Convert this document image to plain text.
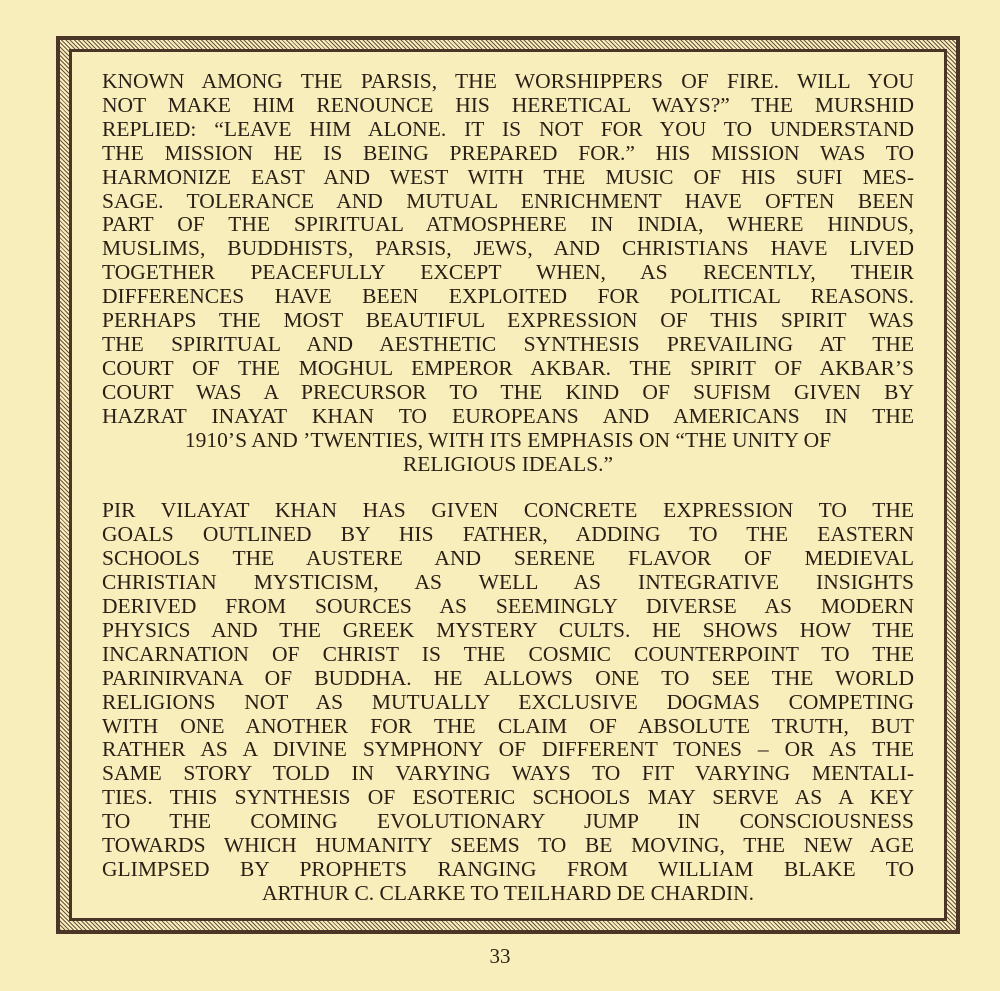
KNOWN AMONG THE PARSIS, THE WORSHIPPERS OF FIRE. WILL YOU
NOT MAKE HIM RENOUNCE HIS HERETICAL WAYS?” THE MURSHID
REPLIED: “LEAVE HIM ALONE. IT IS NOT FOR YOU TO UNDERSTAND
THE MISSION HE IS BEING PREPARED FOR.” HIS MISSION WAS TO
HARMONIZE EAST AND WEST WITH THE MUSIC OF HIS SUFI MES-
SAGE. TOLERANCE AND MUTUAL ENRICHMENT HAVE OFTEN BEEN
PART OF THE SPIRITUAL ATMOSPHERE IN INDIA, WHERE HINDUS,
MUSLIMS, BUDDHISTS, PARSIS, JEWS, AND CHRISTIANS HAVE LIVED
TOGETHER PEACEFULLY EXCEPT WHEN, AS RECENTLY, THEIR
DIFFERENCES HAVE BEEN EXPLOITED FOR POLITICAL REASONS.
PERHAPS THE MOST BEAUTIFUL EXPRESSION OF THIS SPIRIT WAS
THE SPIRITUAL AND AESTHETIC SYNTHESIS PREVAILING AT THE
COURT OF THE MOGHUL EMPEROR AKBAR. THE SPIRIT OF AKBAR’S
COURT WAS A PRECURSOR TO THE KIND OF SUFISM GIVEN BY
HAZRAT INAYAT KHAN TO EUROPEANS AND AMERICANS IN THE
1910’S AND ’TWENTIES, WITH ITS EMPHASIS ON “THE UNITY OF
RELIGIOUS IDEALS.”
PIR VILAYAT KHAN HAS GIVEN CONCRETE EXPRESSION TO THE
GOALS OUTLINED BY HIS FATHER, ADDING TO THE EASTERN
SCHOOLS THE AUSTERE AND SERENE FLAVOR OF MEDIEVAL
CHRISTIAN MYSTICISM, AS WELL AS INTEGRATIVE INSIGHTS
DERIVED FROM SOURCES AS SEEMINGLY DIVERSE AS MODERN
PHYSICS AND THE GREEK MYSTERY CULTS. HE SHOWS HOW THE
INCARNATION OF CHRIST IS THE COSMIC COUNTERPOINT TO THE
PARINIRVANA OF BUDDHA. HE ALLOWS ONE TO SEE THE WORLD
RELIGIONS NOT AS MUTUALLY EXCLUSIVE DOGMAS COMPETING
WITH ONE ANOTHER FOR THE CLAIM OF ABSOLUTE TRUTH, BUT
RATHER AS A DIVINE SYMPHONY OF DIFFERENT TONES – OR AS THE
SAME STORY TOLD IN VARYING WAYS TO FIT VARYING MENTALI-
TIES. THIS SYNTHESIS OF ESOTERIC SCHOOLS MAY SERVE AS A KEY
TO THE COMING EVOLUTIONARY JUMP IN CONSCIOUSNESS
TOWARDS WHICH HUMANITY SEEMS TO BE MOVING, THE NEW AGE
GLIMPSED BY PROPHETS RANGING FROM WILLIAM BLAKE TO
ARTHUR C. CLARKE TO TEILHARD DE CHARDIN.
33
